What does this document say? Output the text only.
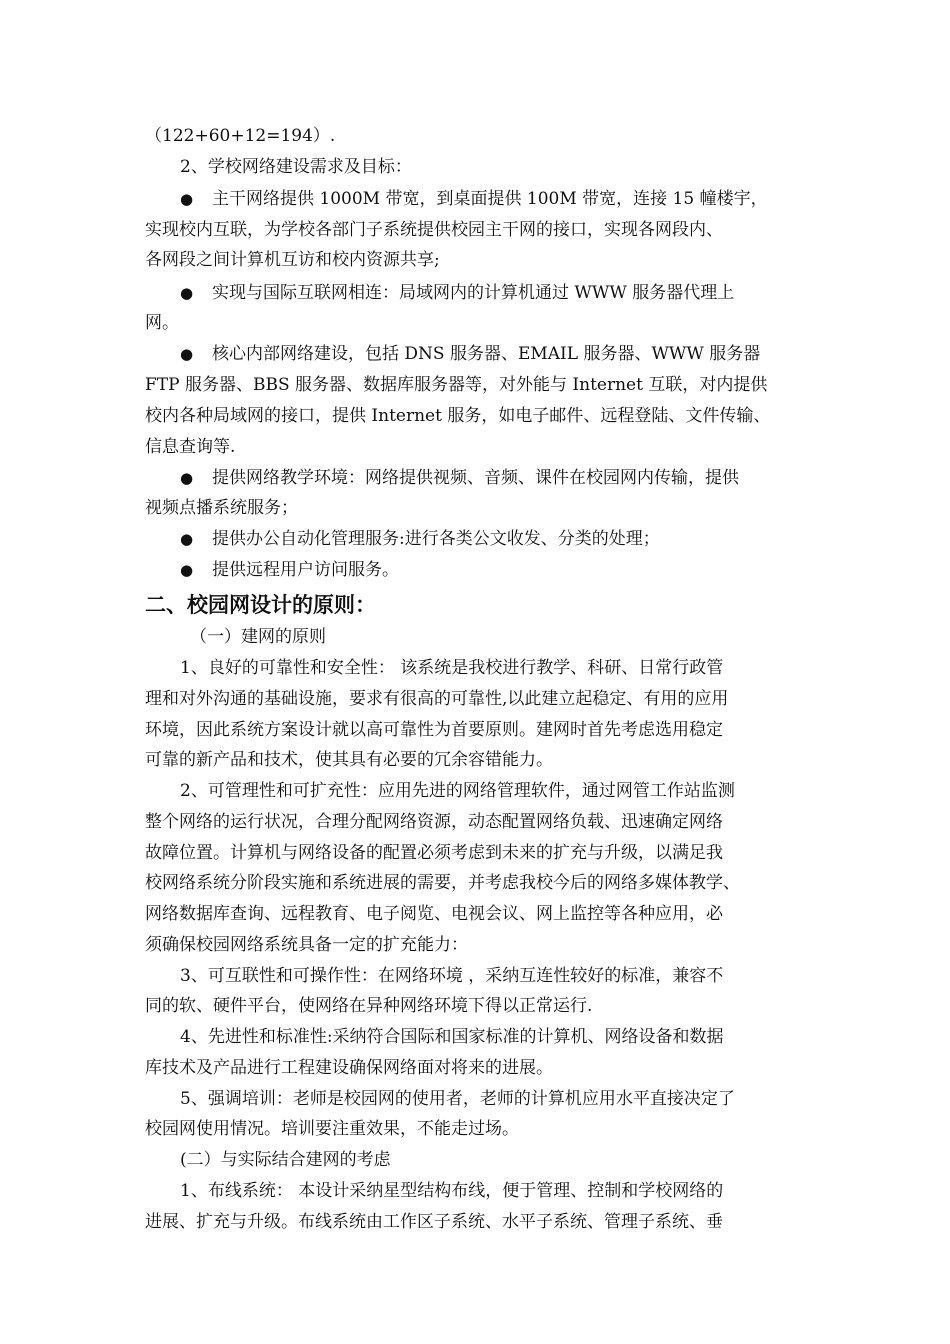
（122+60+12=194）.
2、学校网络建设需求及目标：
● 主干网络提供 1000M 带宽，到桌面提供 100M 带宽，连接 15 幢楼宇，
实现校内互联，为学校各部门子系统提供校园主干网的接口，实现各网段内、
各网段之间计算机互访和校内资源共享;
● 实现与国际互联网相连：局域网内的计算机通过 WWW 服务器代理上
网。
● 核心内部网络建设，包括 DNS 服务器、EMAIL 服务器、WWW 服务器
FTP 服务器、BBS 服务器、数据库服务器等，对外能与 Internet 互联，对内提供
校内各种局域网的接口，提供 Internet 服务，如电子邮件、远程登陆、文件传输、
信息查询等.
● 提供网络教学环境：网络提供视频、音频、课件在校园网内传输，提供
视频点播系统服务；
● 提供办公自动化管理服务:进行各类公文收发、分类的处理；
● 提供远程用户访问服务。
二、校园网设计的原则：
（一）建网的原则
1、良好的可靠性和安全性： 该系统是我校进行教学、科研、日常行政管
理和对外沟通的基础设施，要求有很高的可靠性,以此建立起稳定、有用的应用
环境，因此系统方案设计就以高可靠性为首要原则。建网时首先考虑选用稳定
可靠的新产品和技术，使其具有必要的冗余容错能力。
2、可管理性和可扩充性：应用先进的网络管理软件，通过网管工作站监测
整个网络的运行状况，合理分配网络资源，动态配置网络负载、迅速确定网络
故障位置。计算机与网络设备的配置必须考虑到未来的扩充与升级，以满足我
校网络系统分阶段实施和系统进展的需要，并考虑我校今后的网络多媒体教学、
网络数据库查询、远程教育、电子阅览、电视会议、网上监控等各种应用，必
须确保校园网络系统具备一定的扩充能力：
3、可互联性和可操作性：在网络环境 ，采纳互连性较好的标准，兼容不
同的软、硬件平台，使网络在异种网络环境下得以正常运行.
4、先进性和标准性:采纳符合国际和国家标准的计算机、网络设备和数据
库技术及产品进行工程建设确保网络面对将来的进展。
5、强调培训：老师是校园网的使用者，老师的计算机应用水平直接决定了
校园网使用情况。培训要注重效果，不能走过场。
(二）与实际结合建网的考虑
1、布线系统： 本设计采纳星型结构布线，便于管理、控制和学校网络的
进展、扩充与升级。布线系统由工作区子系统、水平子系统、管理子系统、垂
